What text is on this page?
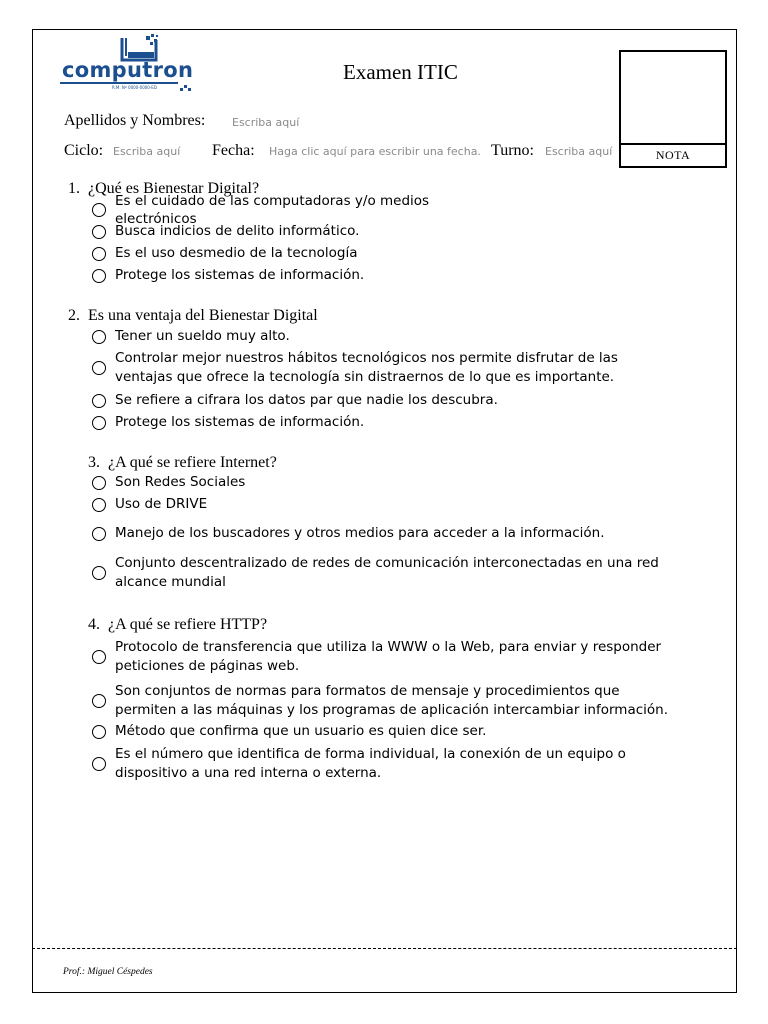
I.E.S.T.P.
computron
R.M. Nº 0000-0000-ED
Examen ITIC
NOTA
Apellidos y Nombres: Escriba aquí
Ciclo: Escriba aquí Fecha: Haga clic aquí para escribir una fecha. Turno: Escriba aquí
1. ¿Qué es Bienestar Digital?
Es el cuidado de las computadoras y/o medios electrónicos
Busca indicios de delito informático.
Es el uso desmedio de la tecnología
Protege los sistemas de información.
2. Es una ventaja del Bienestar Digital
Tener un sueldo muy alto.
Controlar mejor nuestros hábitos tecnológicos nos permite disfrutar de las ventajas que ofrece la tecnología sin distraernos de lo que es importante.
Se refiere a cifrara los datos par que nadie los descubra.
Protege los sistemas de información.
3. ¿A qué se refiere Internet?
Son Redes Sociales
Uso de DRIVE
Manejo de los buscadores y otros medios para acceder a la información.
Conjunto descentralizado de redes de comunicación interconectadas en una red alcance mundial
4. ¿A qué se refiere HTTP?
Protocolo de transferencia que utiliza la WWW o la Web, para enviar y responder peticiones de páginas web.
Son conjuntos de normas para formatos de mensaje y procedimientos que permiten a las máquinas y los programas de aplicación intercambiar información.
Método que confirma que un usuario es quien dice ser.
Es el número que identifica de forma individual, la conexión de un equipo o dispositivo a una red interna o externa.
Prof.: Miguel Céspedes
